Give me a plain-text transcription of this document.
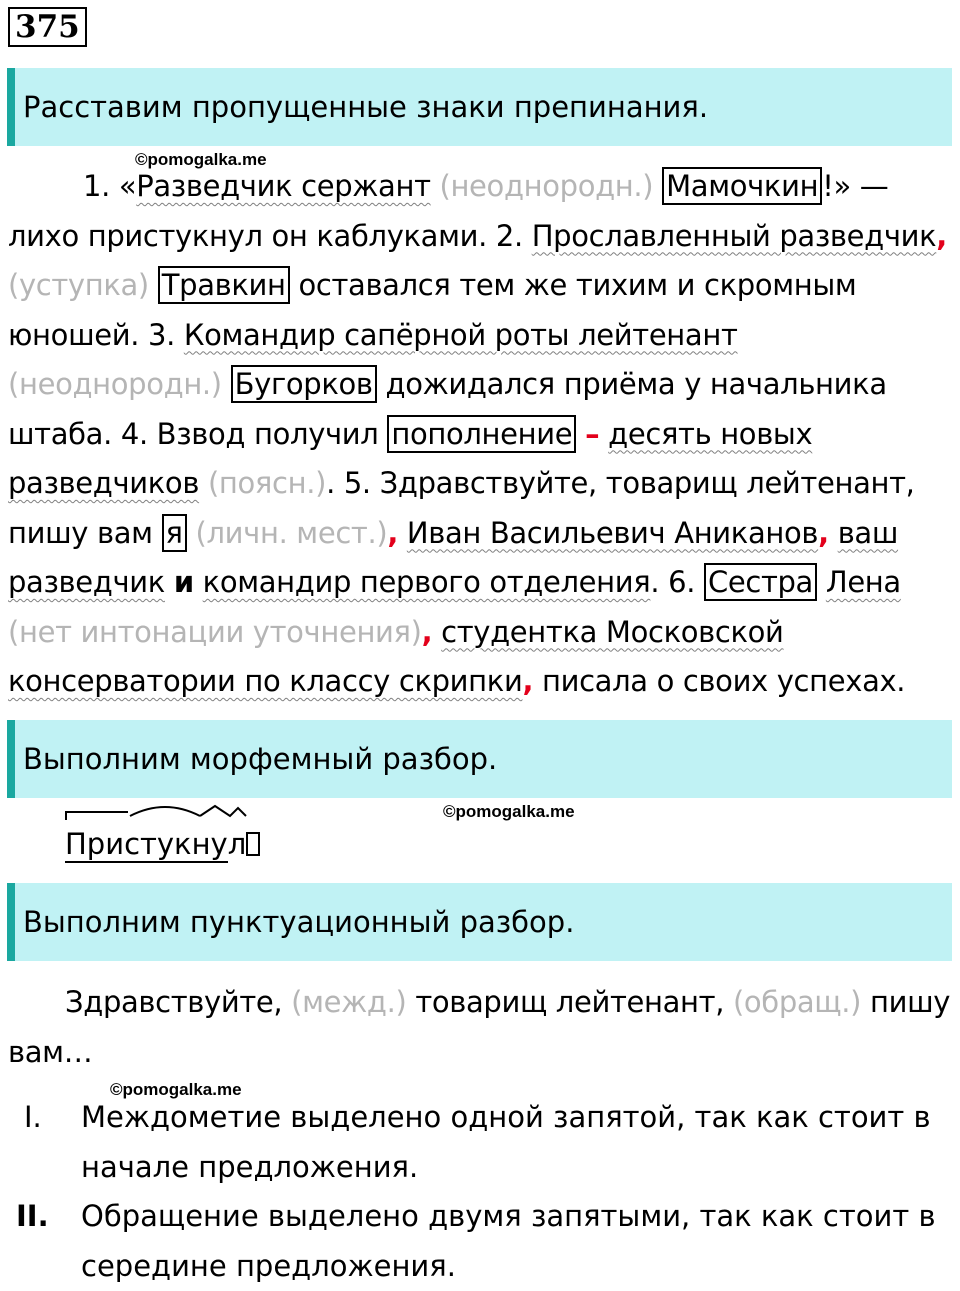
375
Расставим пропущенные знаки препинания.
©pomogalka.me
1. «Разведчик сержант (неоднородн.) Мамочкин !» — лихо пристукнул он каблуками. 2. Прославленный разведчик, (уступка) Травкин оставался тем же тихим и скромным юношей. 3. Командир сапёрной роты лейтенант (неоднородн.) Бугорков дожидался приёма у начальника штаба. 4. Взвод получил пополнение – десять новых разведчиков (поясн.). 5. Здравствуйте, товарищ лейтенант, пишу вам я (личн. мест.), Иван Васильевич Аниканов, ваш разведчик и командир первого отделения. 6. Сестра Лена (нет интонации уточнения), студентка Московской консерватории по классу скрипки, писала о своих успехах.
Выполним морфемный разбор.
©pomogalka.me
Пристукнул
Выполним пунктуационный разбор.
Здравствуйте, (межд.) товарищ лейтенант, (обращ.) пишу вам…
©pomogalka.me
I. Междометие выделено одной запятой, так как стоит в начале предложения.
II. Обращение выделено двумя запятыми, так как стоит в середине предложения.
